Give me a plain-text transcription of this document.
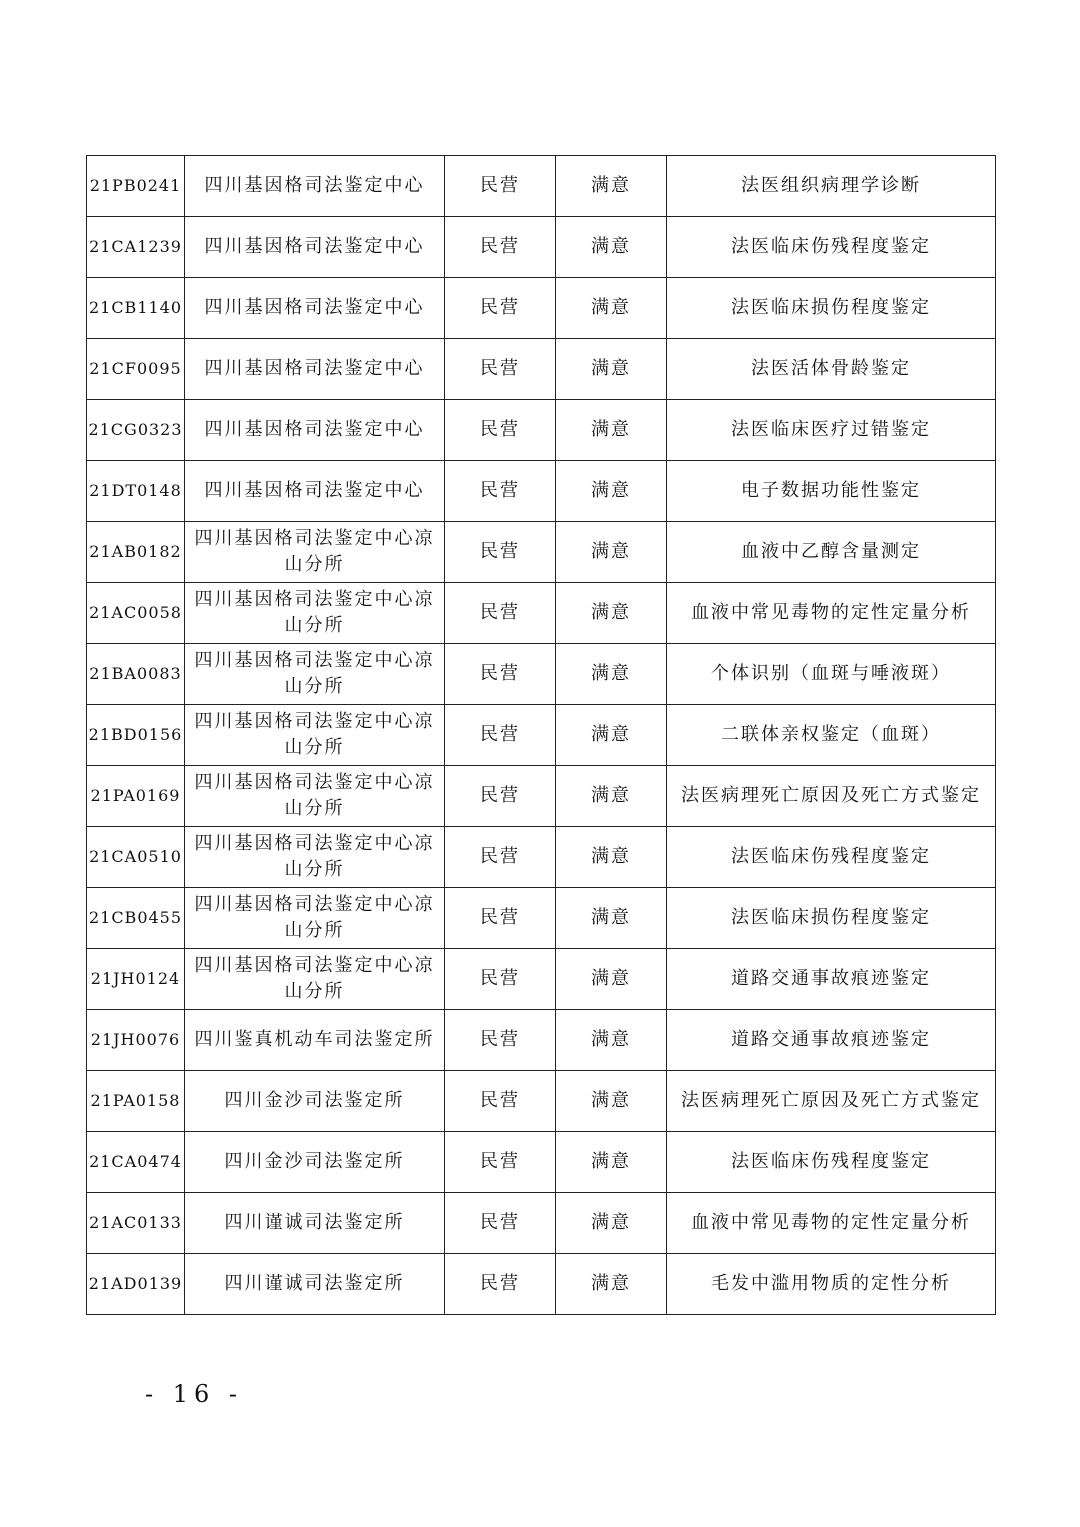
21PB0241	四川基因格司法鉴定中心	民营	满意	法医组织病理学诊断
21CA1239	四川基因格司法鉴定中心	民营	满意	法医临床伤残程度鉴定
21CB1140	四川基因格司法鉴定中心	民营	满意	法医临床损伤程度鉴定
21CF0095	四川基因格司法鉴定中心	民营	满意	法医活体骨龄鉴定
21CG0323	四川基因格司法鉴定中心	民营	满意	法医临床医疗过错鉴定
21DT0148	四川基因格司法鉴定中心	民营	满意	电子数据功能性鉴定
21AB0182	四川基因格司法鉴定中心凉山分所	民营	满意	血液中乙醇含量测定
21AC0058	四川基因格司法鉴定中心凉山分所	民营	满意	血液中常见毒物的定性定量分析
21BA0083	四川基因格司法鉴定中心凉山分所	民营	满意	个体识别（血斑与唾液斑）
21BD0156	四川基因格司法鉴定中心凉山分所	民营	满意	二联体亲权鉴定（血斑）
21PA0169	四川基因格司法鉴定中心凉山分所	民营	满意	法医病理死亡原因及死亡方式鉴定
21CA0510	四川基因格司法鉴定中心凉山分所	民营	满意	法医临床伤残程度鉴定
21CB0455	四川基因格司法鉴定中心凉山分所	民营	满意	法医临床损伤程度鉴定
21JH0124	四川基因格司法鉴定中心凉山分所	民营	满意	道路交通事故痕迹鉴定
21JH0076	四川鉴真机动车司法鉴定所	民营	满意	道路交通事故痕迹鉴定
21PA0158	四川金沙司法鉴定所	民营	满意	法医病理死亡原因及死亡方式鉴定
21CA0474	四川金沙司法鉴定所	民营	满意	法医临床伤残程度鉴定
21AC0133	四川谨诚司法鉴定所	民营	满意	血液中常见毒物的定性定量分析
21AD0139	四川谨诚司法鉴定所	民营	满意	毛发中滥用物质的定性分析
- 16 -
